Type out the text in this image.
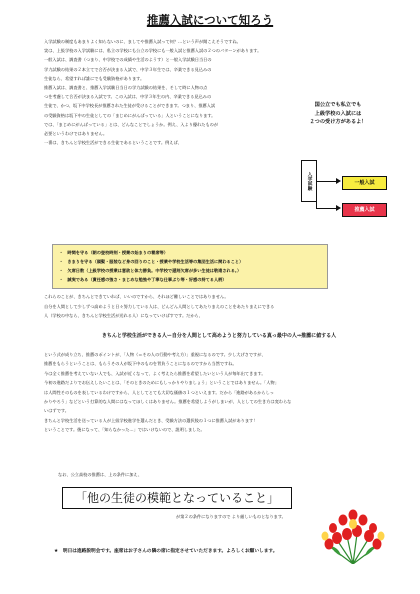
推薦入試について知ろう
入学試験の制度もあまりよく知らないのに、ましてや推薦入試って何？…という声が聞こえそうですね。
実は、上級学校の入学試験には、私立の学校にも公立の学校にも一般入試と推薦入試の２つのパターンがあります。
一般入試は、調査書（つまり、中学校での成績や生活のようす）と一般入学試験日当日の
学力試験の結果の２本立てで合否が決まる入試で、中学３年生では、卒業できる見込みの
生徒なら、希望すれば誰にでも受験資格があります。
推薦入試は、調査書と、推薦入学試験日当日の学力試験の結果を、そして時に人物の点
つを考慮して合否が決まる入試です。この入試は、中学３年生の内、卒業できる見込みの
生徒で、かつ、坂下中学校長が推薦された生徒が受けることができます。つまり、推薦入試
の受験資格は坂下中の生徒としての「まじめにがんばっている」人ということになります。
では、「まじめにがんばっている」とは、どんなことでしょうか。例え、入より優れたものが
必要というわけではありません。
一番は、きちんと学校生活ができる生徒であるということです。例えば、
国公立でも私立でも
上級学校の入試には
２つの受け方があるよ！
入学試験	一般入試
推薦入試
・　時間を守る（朝の登校時刻・授業の始まりの着席等）
・　きまりを守る（頭髪・服装など身の回りのこと・授業や学校生活等の集団生活に関わること）
・　欠席日数（上級学校の授業は意欲と体力勝負。中学校で遅刻欠席が多い生徒は敬遠される。）
・　誠実である（責任感の強さ・まじめな勉強や丁寧な仕事ぶり等・好感の持てる人柄）
これらのことが、きちんとできていれば、いいのですから、それほど難しいことではありません。
自分を人間として少しずつ高めようと日々努力している人は、どんどん人間としてあたりまえのことをあたりまえにできる
人（学校の中なら、きちんと学校生活が送れる人）になっていけばすです。だから、
きちんと学校生活ができる人ー自分を人間として高めようと努力している真っ最中の人⇒推薦に値する人
という式が成り立ち、推薦のポイントが、「人物（＝その人の行動や考え方）」重視になるのです。少し大げさですが、
推薦をもらうということは、もらうその人が坂下中のものを背負うことになるのですから当然ですね。
今は全く推薦を考えていない人でも、入試が近くなって、よく考えたら推薦を希望したいという人が毎年出てきます。
今初の進路だよりでお伝えしたいことは、「そのときのためにもしっかりやりましょう」ということではありません。「人物」
は人間性そのものを表しているわけですから、人としてとても大切な価値の１つといえます。だから「進路があるからしっ
かりやろう」などという打算的な人間にはなってほしくはありません。推薦を希望しようがしまいが、人としての生き方は変わらな
いはずです。
きちんと学校生活を送っている人が上級学校進学を選んだとき、受験方法の選択肢の１つに推薦入試があります！
ということです。後になって、「知らなかった…」ではいけないので、説明しました。
なお、公立高校の推薦は、上の条件に加え、
「他の生徒の模範となっていること」
が第２の条件になりますので より厳しいものとなります。
★　明日は進路説明会です。座席はお子さんの隣の席に指定させていただきます。よろしくお願いします。
